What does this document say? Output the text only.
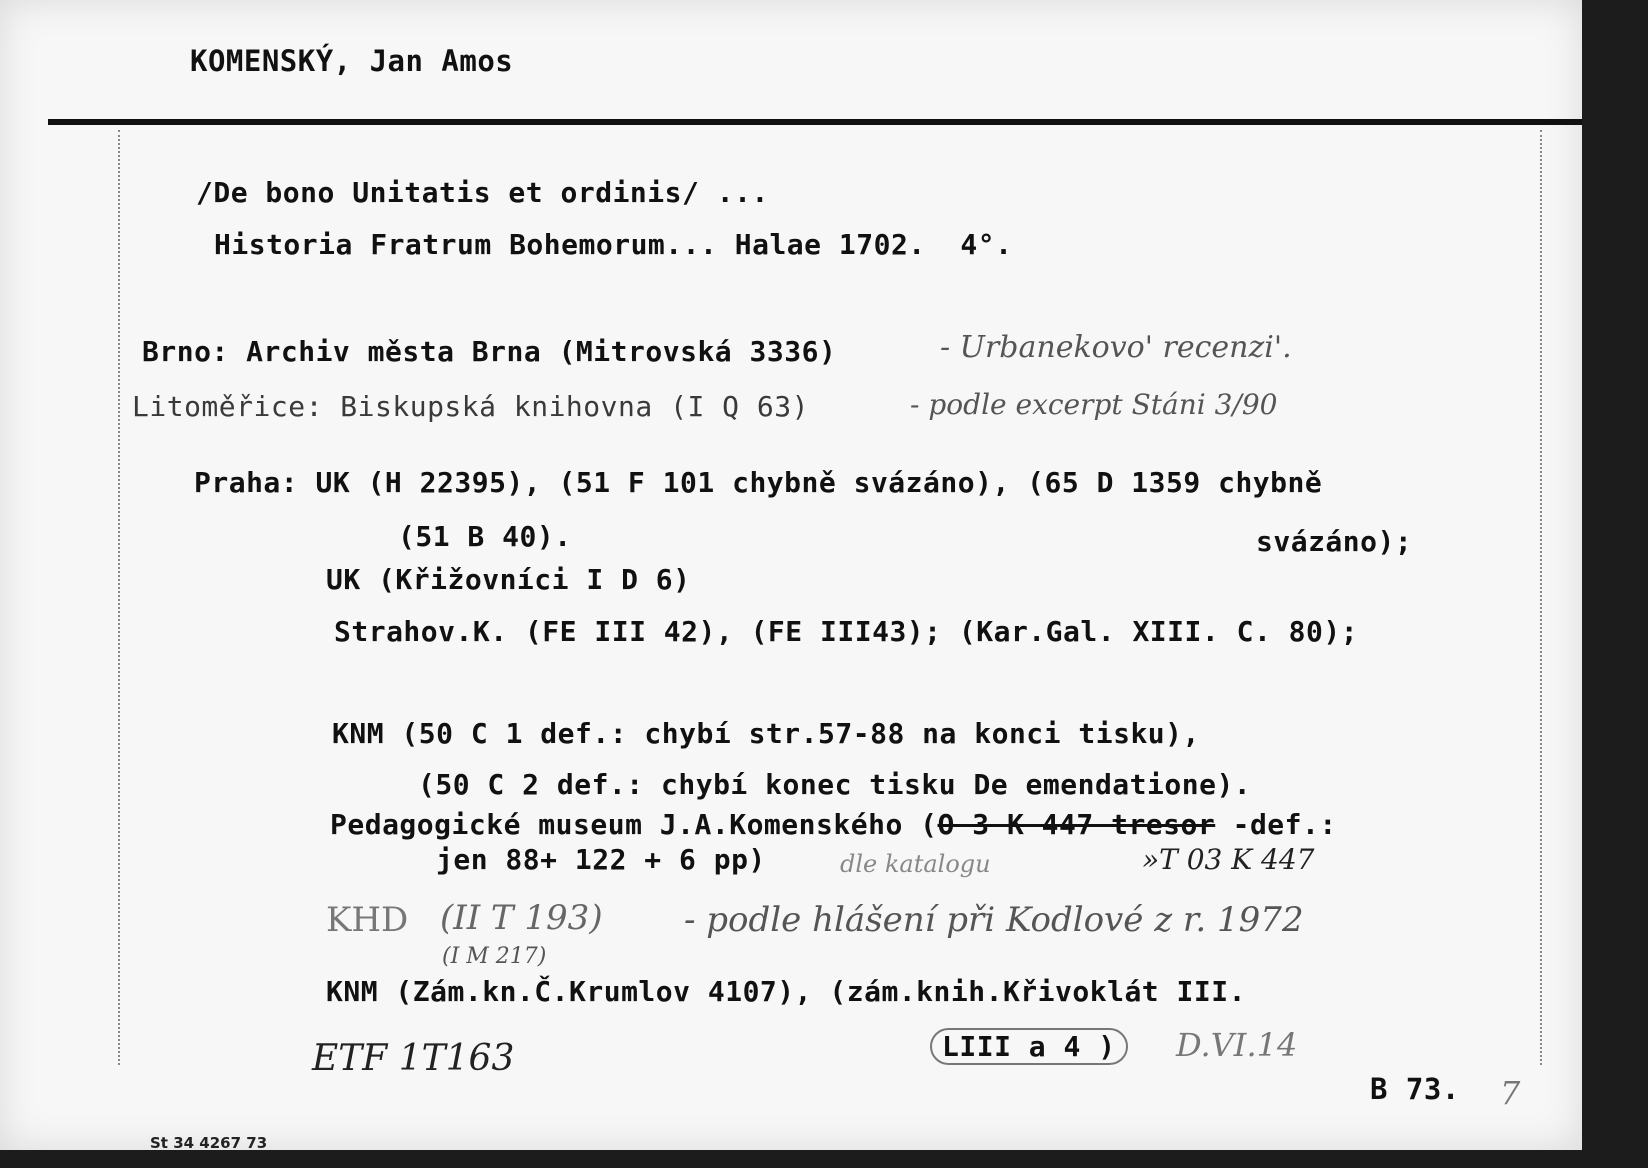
KOMENSKÝ, Jan Amos
/De bono Unitatis et ordinis/ ...
Historia Fratrum Bohemorum... Halae 1702.  4°.
Brno: Archiv města Brna (Mitrovská 3336)	- Urbanekovo' recenzi'.
Litoměřice: Biskupská knihovna (I Q 63)	- podle excerpt Stáni 3/90
Praha: UK (H 22395), (51 F 101 chybně svázáno), (65 D 1359 chybně
(51 B 40).	svázáno);
UK (Křižovníci I D 6)
Strahov.K. (FE III 42), (FE III43); (Kar.Gal. XIII. C. 80);
KNM (50 C 1 def.: chybí str.57-88 na konci tisku),
(50 C 2 def.: chybí konec tisku De emendatione).
Pedagogické museum J.A.Komenského (O 3 K 447 tresor -def.:
jen 88+ 122 + 6 pp)	dle katalogu	»T 03 K 447
KHD (II T 193)
(I M 217)
- podle hlášení při Kodlové z r. 1972
KNM (Zám.kn.Č.Krumlov 4107), (zám.knih.Křivoklát III.
LIII a 4 )	D.VI.14
ETF 1T163
B 73. 7
St 34 4267 73
